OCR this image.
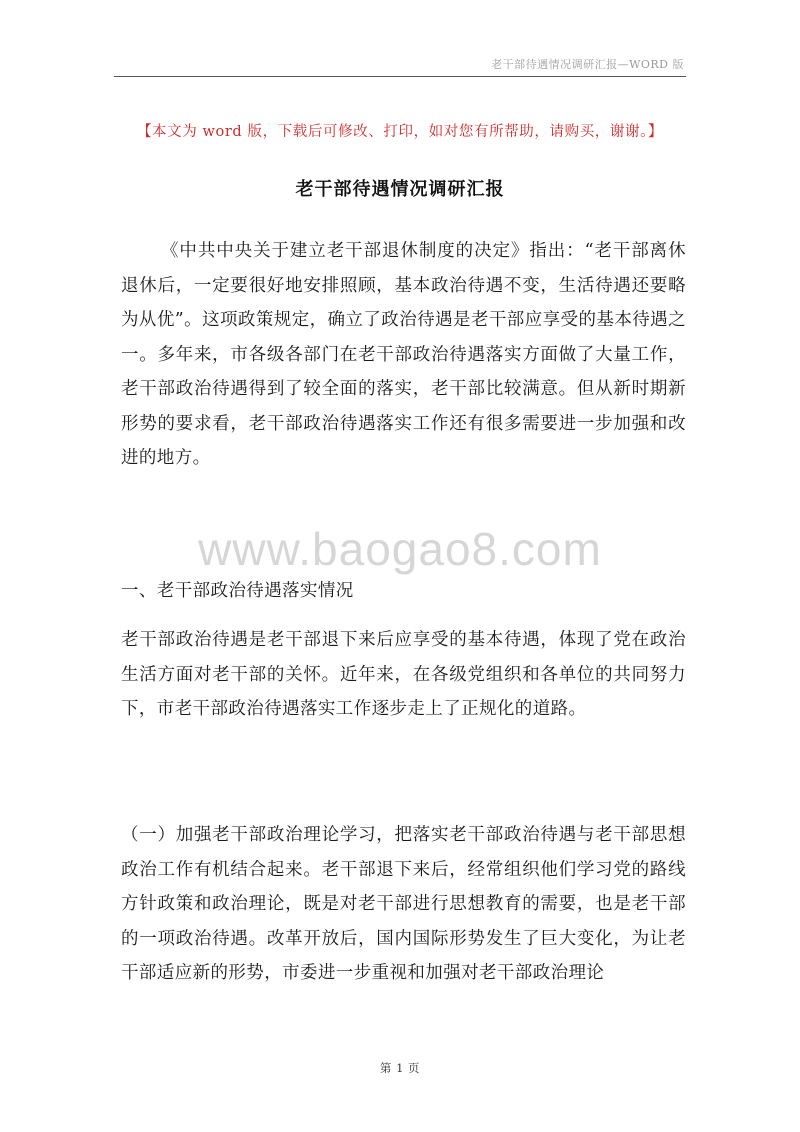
老干部待遇情况调研汇报—WORD 版
【本文为 word 版，下载后可修改、打印，如对您有所帮助，请购买，谢谢。】
老干部待遇情况调研汇报

《中共中央关于建立老干部退休制度的决定》指出：“老干部离休退休后，一定要很好地安排照顾，基本政治待遇不变，生活待遇还要略为从优”。这项政策规定，确立了政治待遇是老干部应享受的基本待遇之一。多年来，市各级各部门在老干部政治待遇落实方面做了大量工作，老干部政治待遇得到了较全面的落实，老干部比较满意。但从新时期新形势的要求看，老干部政治待遇落实工作还有很多需要进一步加强和改进的地方。

www.baogao8.com

一、老干部政治待遇落实情况

老干部政治待遇是老干部退下来后应享受的基本待遇，体现了党在政治生活方面对老干部的关怀。近年来，在各级党组织和各单位的共同努力下，市老干部政治待遇落实工作逐步走上了正规化的道路。

（一）加强老干部政治理论学习，把落实老干部政治待遇与老干部思想政治工作有机结合起来。老干部退下来后，经常组织他们学习党的路线方针政策和政治理论，既是对老干部进行思想教育的需要，也是老干部的一项政治待遇。改革开放后，国内国际形势发生了巨大变化，为让老干部适应新的形势，市委进一步重视和加强对老干部政治理论

第 1 页
